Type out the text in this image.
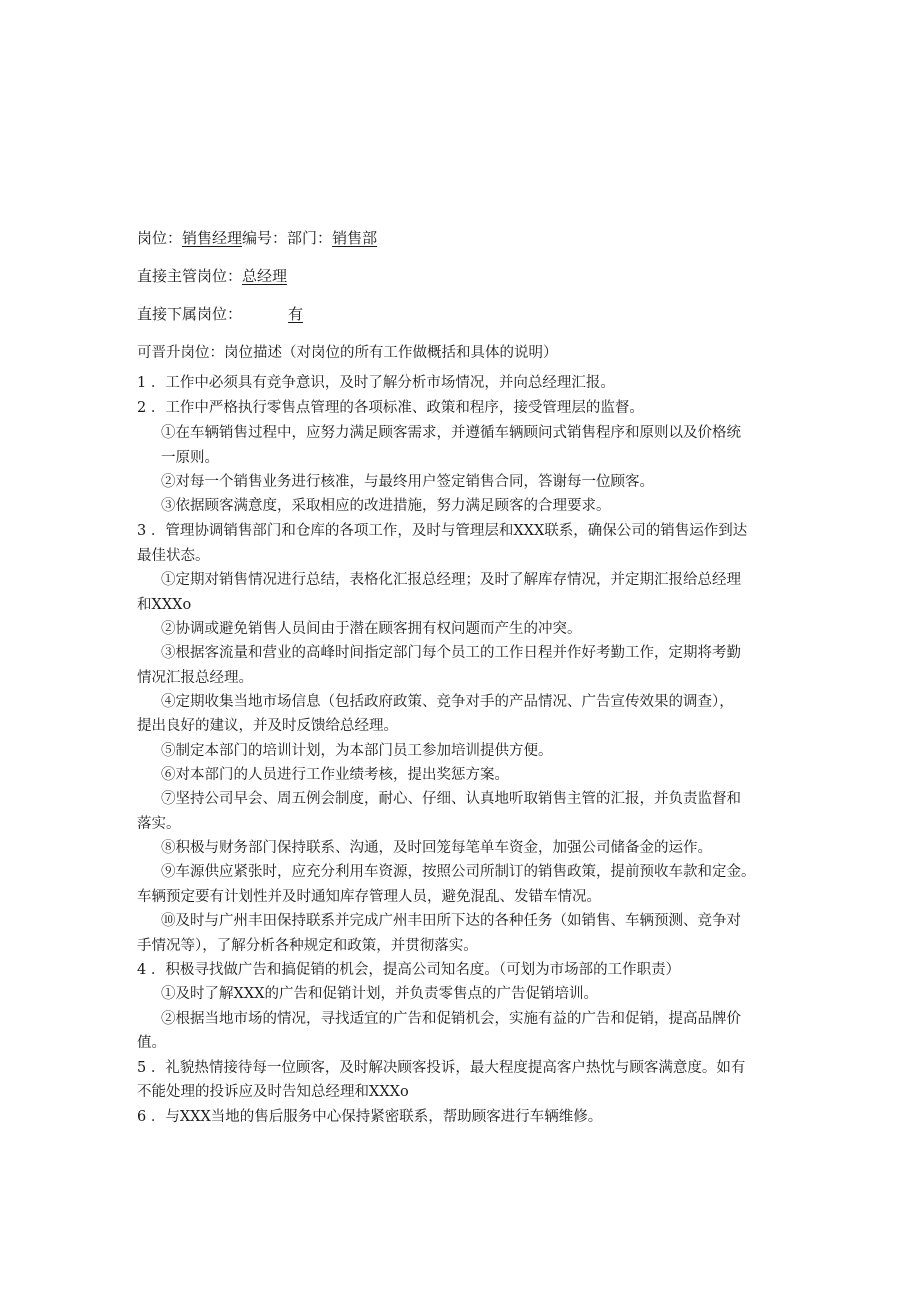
岗位：销售经理编号：部门：销售部
直接主管岗位：总经理
直接下属岗位：	有
可晋升岗位：岗位描述（对岗位的所有工作做概括和具体的说明）
1 ．工作中必须具有竞争意识，及时了解分析市场情况，并向总经理汇报。
2 ．工作中严格执行零售点管理的各项标准、政策和程序，接受管理层的监督。
①在车辆销售过程中，应努力满足顾客需求，并遵循车辆顾问式销售程序和原则以及价格统
一原则。
②对每一个销售业务进行核准，与最终用户签定销售合同，答谢每一位顾客。
③依据顾客满意度，采取相应的改进措施，努力满足顾客的合理要求。
3 ．管理协调销售部门和仓库的各项工作，及时与管理层和XXX联系，确保公司的销售运作到达
最佳状态。
①定期对销售情况进行总结，表格化汇报总经理；及时了解库存情况，并定期汇报给总经理
和XXXo
②协调或避免销售人员间由于潜在顾客拥有权问题而产生的冲突。
③根据客流量和营业的高峰时间指定部门每个员工的工作日程并作好考勤工作，定期将考勤
情况汇报总经理。
④定期收集当地市场信息（包括政府政策、竞争对手的产品情况、广告宣传效果的调查），
提出良好的建议，并及时反馈给总经理。
⑤制定本部门的培训计划，为本部门员工参加培训提供方便。
⑥对本部门的人员进行工作业绩考核，提出奖惩方案。
⑦坚持公司早会、周五例会制度，耐心、仔细、认真地听取销售主管的汇报，并负责监督和
落实。
⑧积极与财务部门保持联系、沟通，及时回笼每笔单车资金，加强公司储备金的运作。
⑨车源供应紧张时，应充分利用车资源，按照公司所制订的销售政策，提前预收车款和定金。
车辆预定要有计划性并及时通知库存管理人员，避免混乱、发错车情况。
⑩及时与广州丰田保持联系并完成广州丰田所下达的各种任务（如销售、车辆预测、竞争对
手情况等），了解分析各种规定和政策，并贯彻落实。
4 ．积极寻找做广告和搞促销的机会，提高公司知名度。（可划为市场部的工作职责）
①及时了解XXX的广告和促销计划，并负责零售点的广告促销培训。
②根据当地市场的情况，寻找适宜的广告和促销机会，实施有益的广告和促销，提高品牌价
值。
5 ．礼貌热情接待每一位顾客，及时解决顾客投诉，最大程度提高客户热忱与顾客满意度。如有
不能处理的投诉应及时告知总经理和XXXo
6 ．与XXX当地的售后服务中心保持紧密联系，帮助顾客进行车辆维修。
